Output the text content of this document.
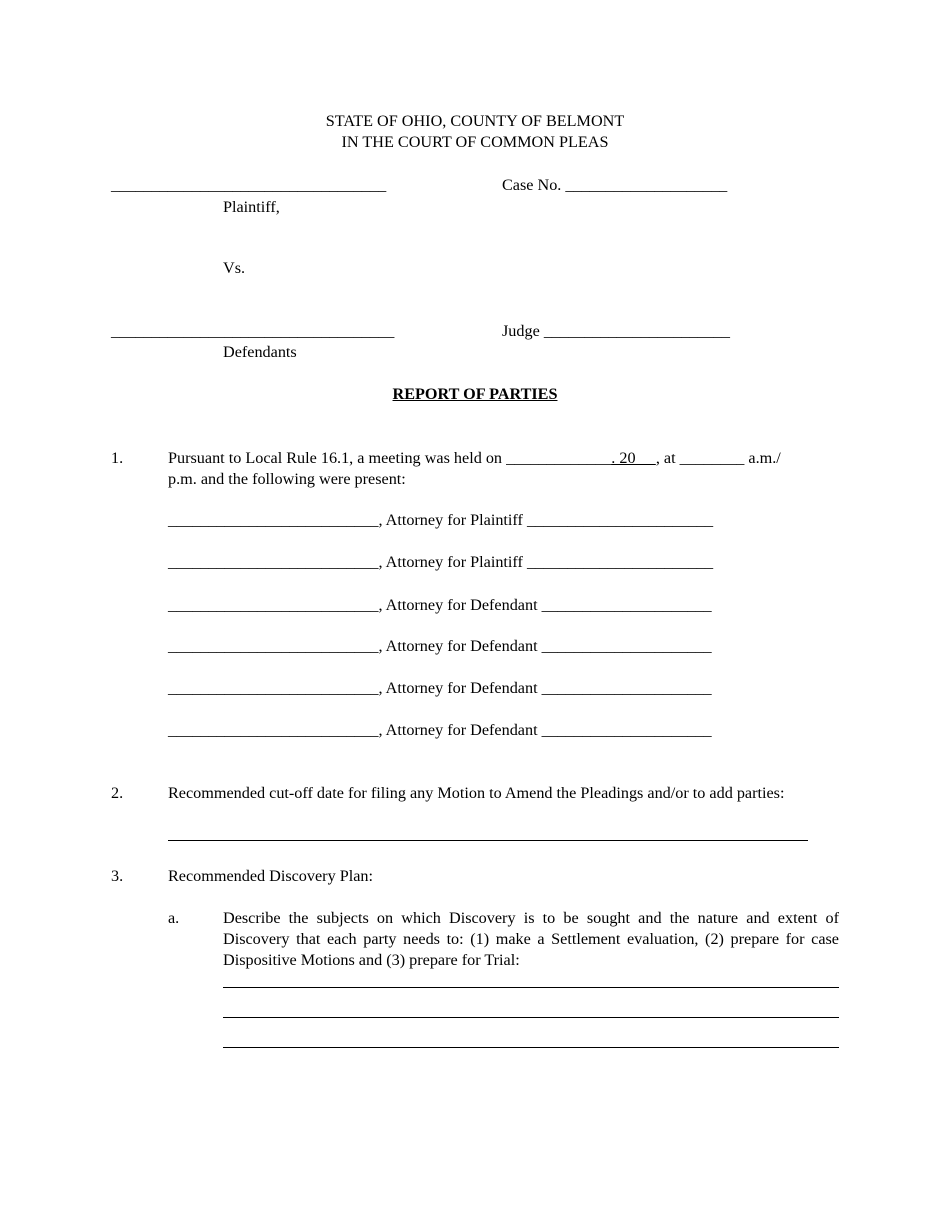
STATE OF OHIO, COUNTY OF BELMONT
IN THE COURT OF COMMON PLEAS
__________________________________
Plaintiff,
Case No. ____________________
Vs.
___________________________________
Defendants
Judge _______________________
REPORT OF PARTIES
1.	Pursuant to Local Rule 16.1, a meeting was held on _____________. 20     , at ________ a.m./
p.m. and the following were present:
__________________________, Attorney for Plaintiff _______________________
__________________________, Attorney for Plaintiff _______________________
__________________________, Attorney for Defendant _____________________
__________________________, Attorney for Defendant _____________________
__________________________, Attorney for Defendant _____________________
__________________________, Attorney for Defendant _____________________
2.	Recommended cut-off date for filing any Motion to Amend the Pleadings and/or to add parties:
3.	Recommended Discovery Plan:
a.	Describe the subjects on which Discovery is to be sought and the nature and extent of Discovery that each party needs to: (1) make a Settlement evaluation, (2) prepare for case Dispositive Motions and (3) prepare for Trial:
